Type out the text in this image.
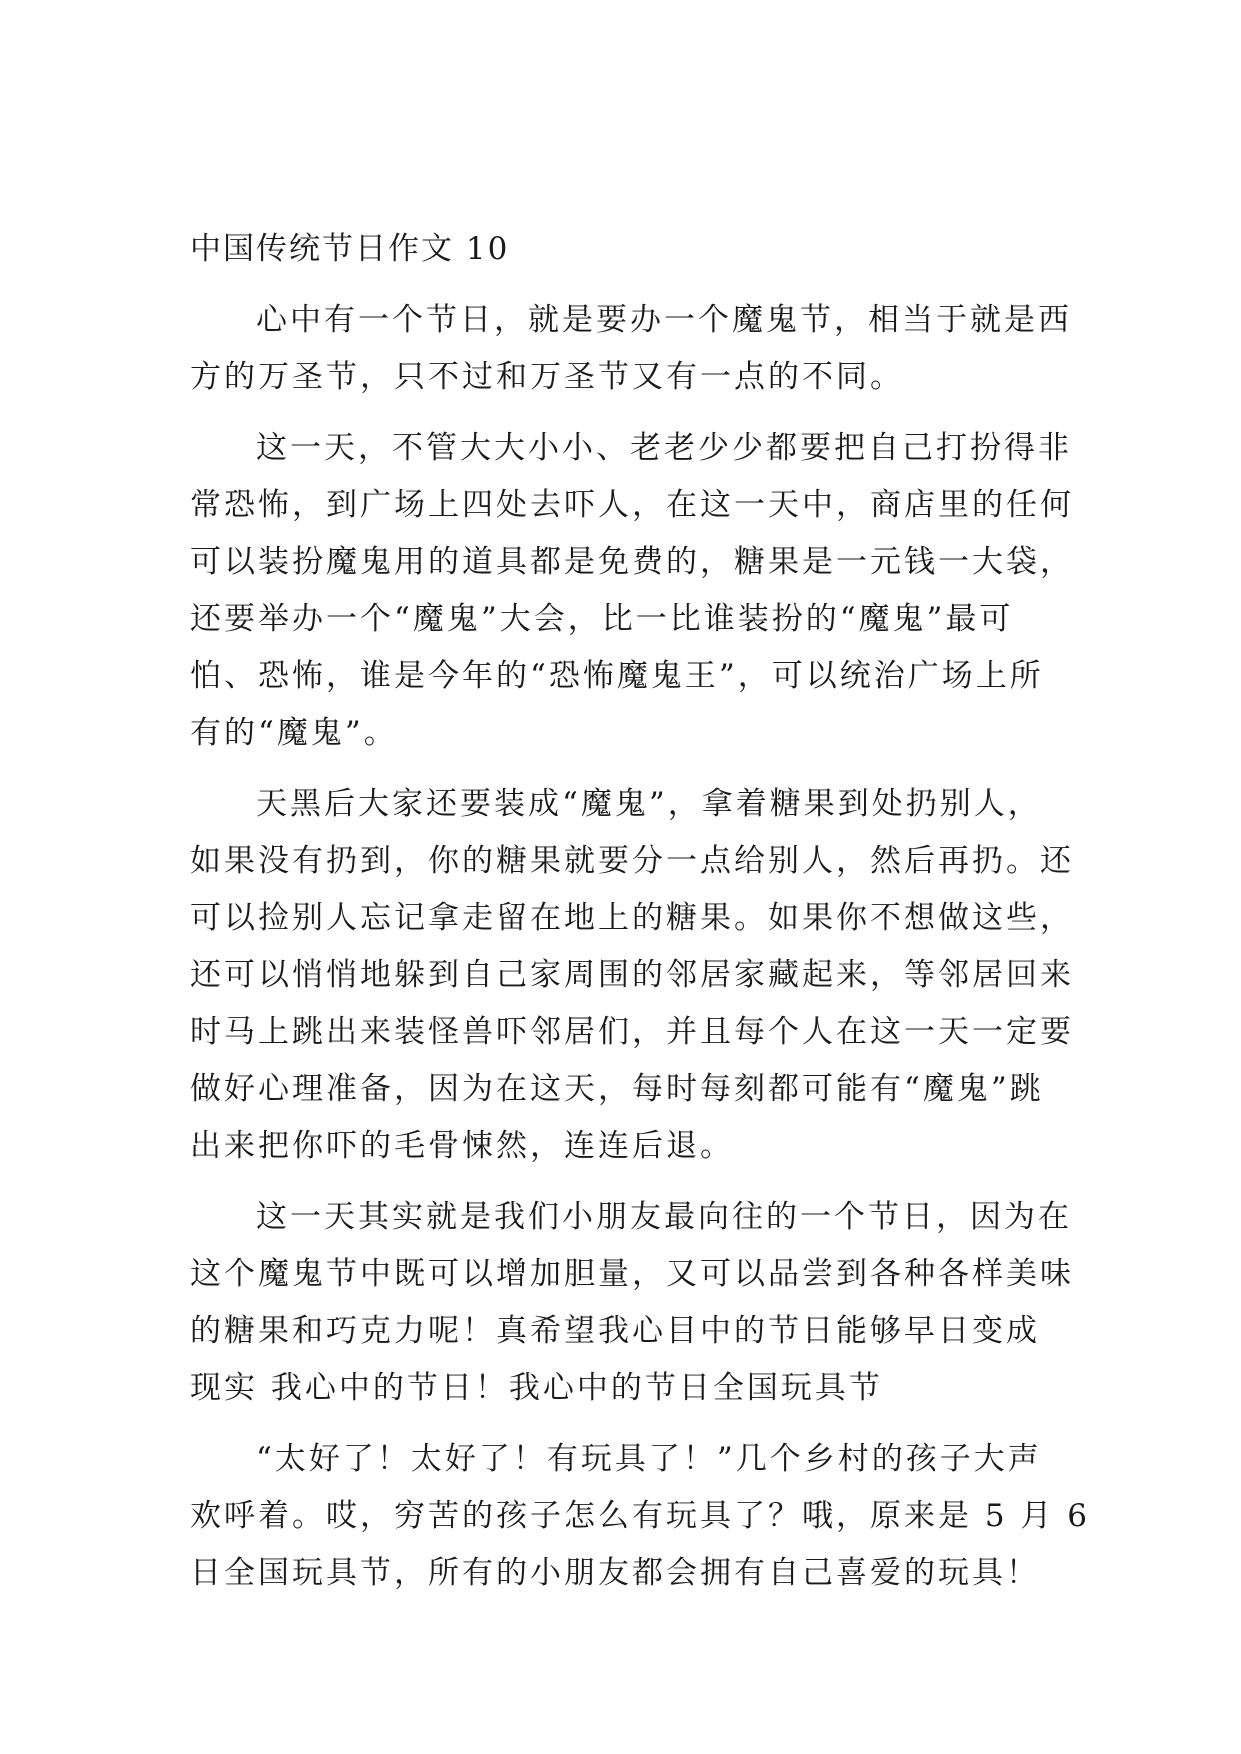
中国传统节日作文 10
心中有一个节日，就是要办一个魔鬼节，相当于就是西
方的万圣节，只不过和万圣节又有一点的不同。
这一天，不管大大小小、老老少少都要把自己打扮得非
常恐怖，到广场上四处去吓人，在这一天中，商店里的任何
可以装扮魔鬼用的道具都是免费的，糖果是一元钱一大袋，
还要举办一个“魔鬼”大会，比一比谁装扮的“魔鬼”最可
怕、恐怖，谁是今年的“恐怖魔鬼王”，可以统治广场上所
有的“魔鬼”。
天黑后大家还要装成“魔鬼”，拿着糖果到处扔别人，
如果没有扔到，你的糖果就要分一点给别人，然后再扔。还
可以捡别人忘记拿走留在地上的糖果。如果你不想做这些，
还可以悄悄地躲到自己家周围的邻居家藏起来，等邻居回来
时马上跳出来装怪兽吓邻居们，并且每个人在这一天一定要
做好心理准备，因为在这天，每时每刻都可能有“魔鬼”跳
出来把你吓的毛骨悚然，连连后退。
这一天其实就是我们小朋友最向往的一个节日，因为在
这个魔鬼节中既可以增加胆量，又可以品尝到各种各样美味
的糖果和巧克力呢！真希望我心目中的节日能够早日变成
现实 我心中的节日！我心中的节日全国玩具节
“太好了！太好了！有玩具了！”几个乡村的孩子大声
欢呼着。哎，穷苦的孩子怎么有玩具了？哦，原来是 5 月 6
日全国玩具节，所有的小朋友都会拥有自己喜爱的玩具！
